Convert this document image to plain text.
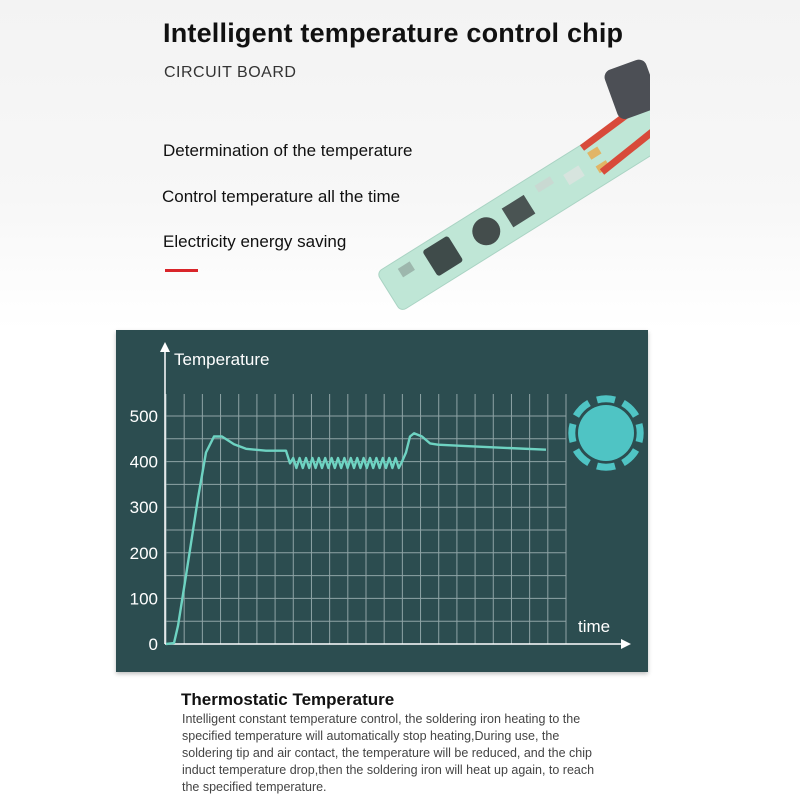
Intelligent temperature control chip
CIRCUIT BOARD
Determination of the temperature
Control temperature all the time
Electricity energy saving
Temperature
time
500
400
300
200
100
0
Thermostatic Temperature

Intelligent constant temperature control, the soldering iron heating to the specified temperature will automatically stop heating,During use, the soldering tip and air contact, the temperature will be reduced, and the chip induct temperature drop,then the soldering iron will heat up again, to reach the specified temperature.
